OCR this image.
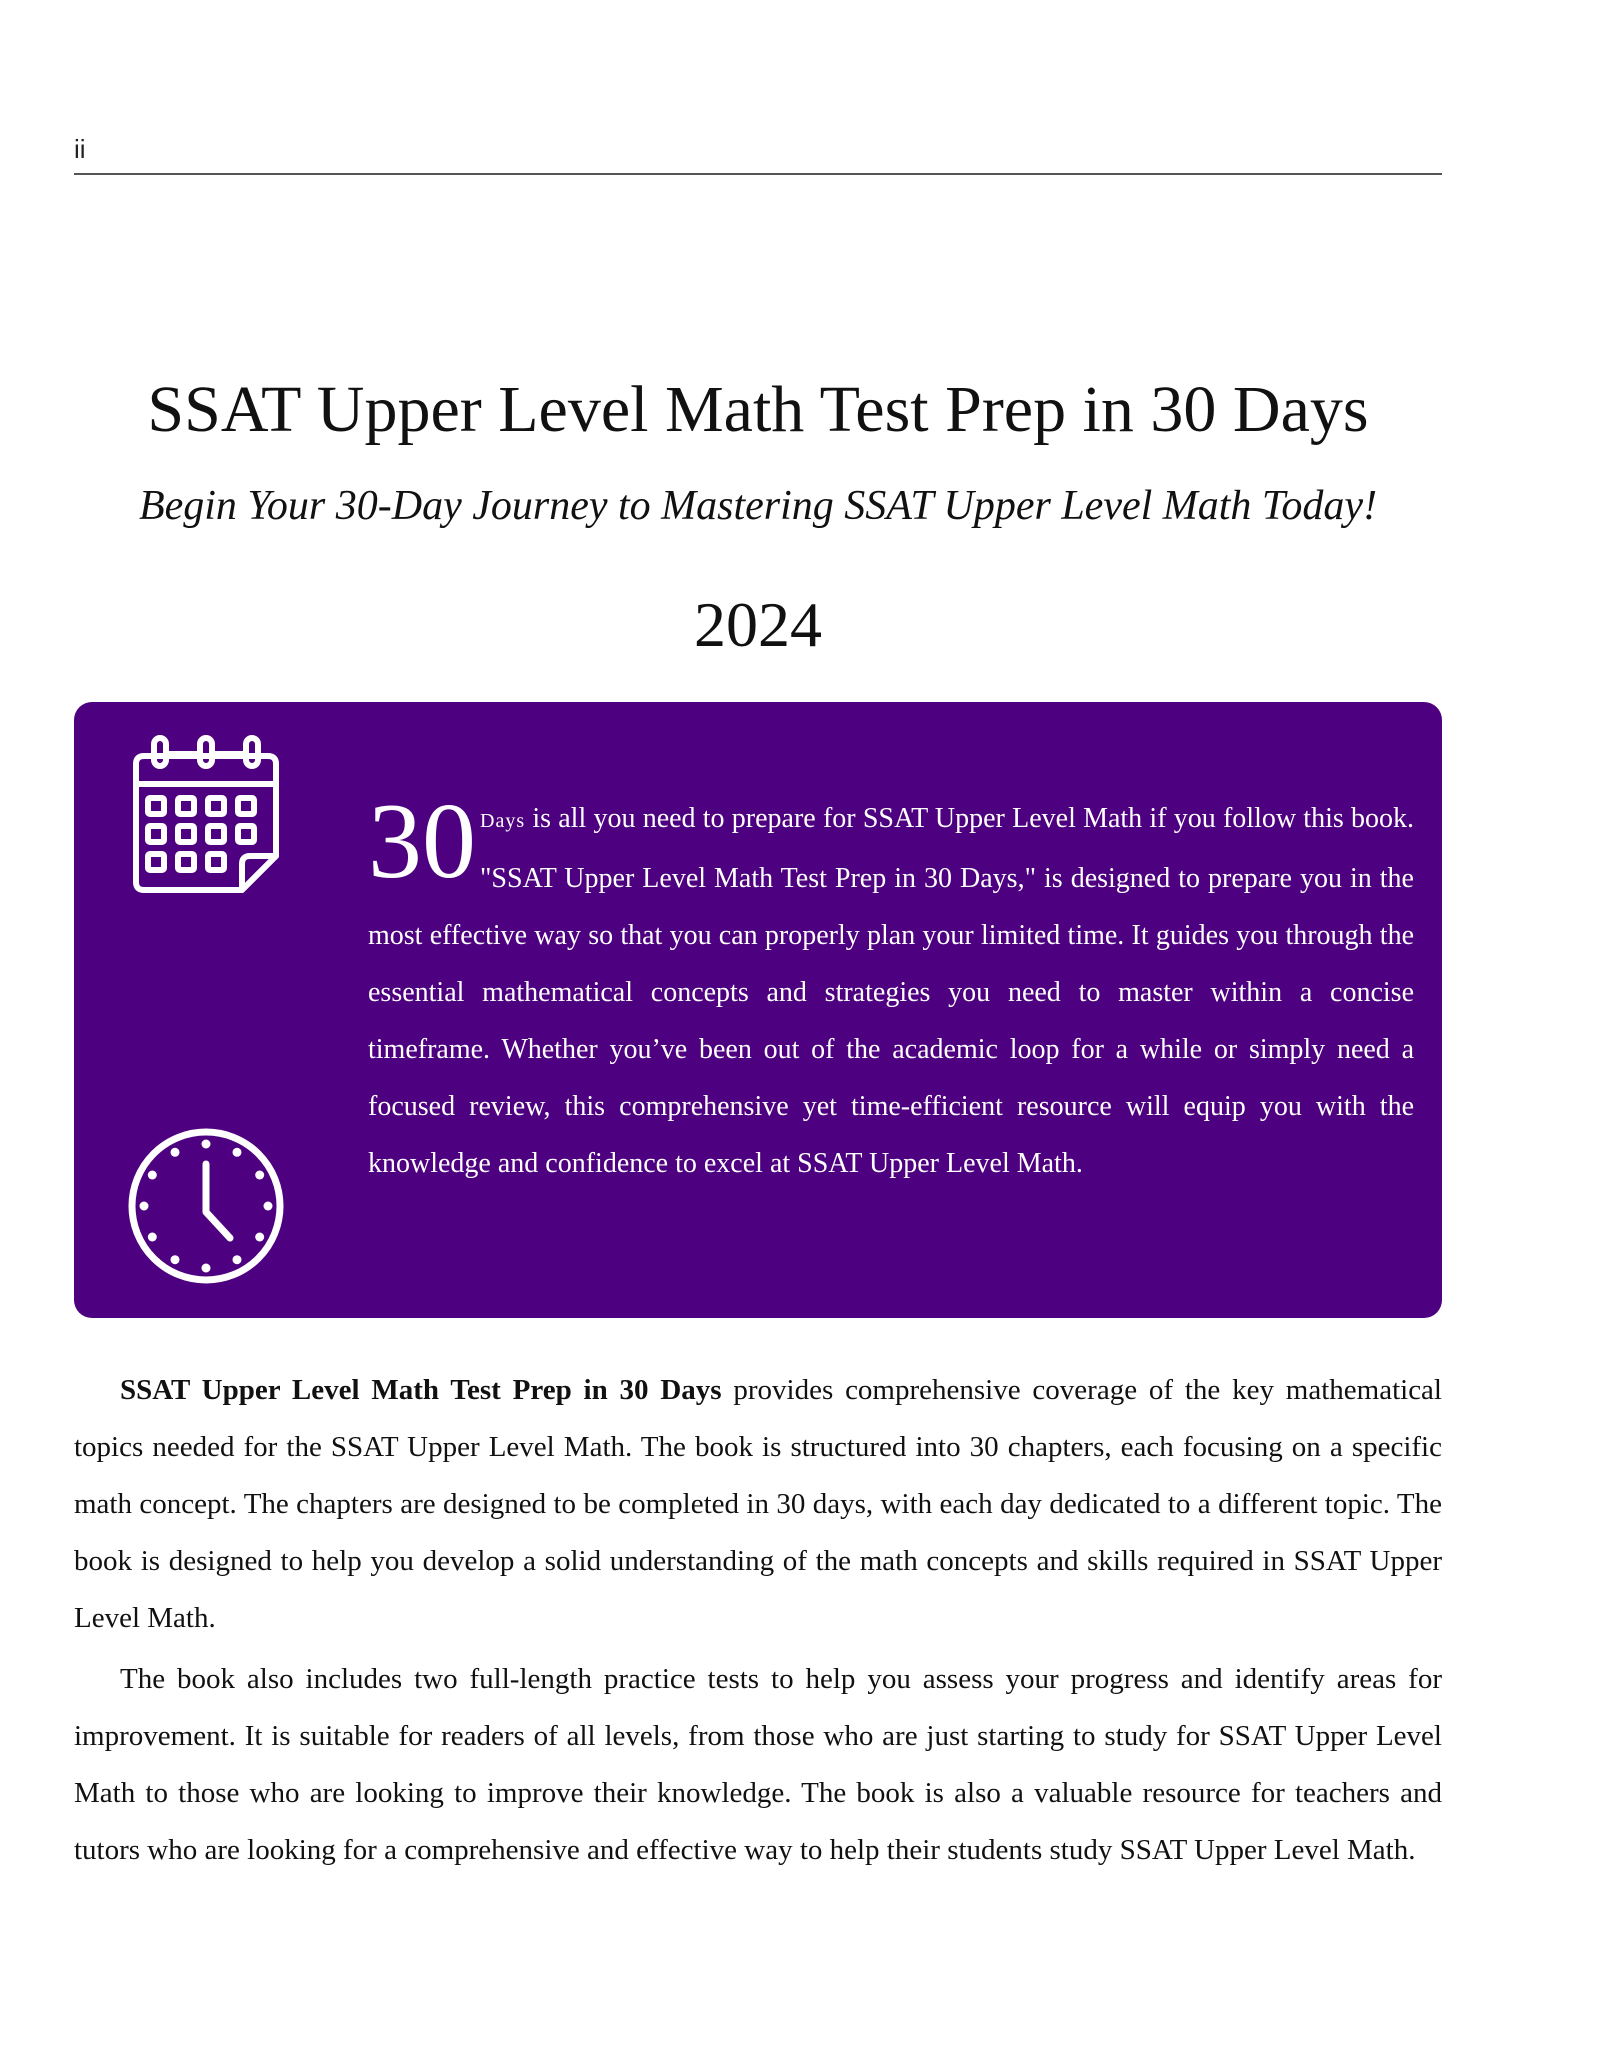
ii
SSAT Upper Level Math Test Prep in 30 Days
Begin Your 30-Day Journey to Mastering SSAT Upper Level Math Today!
2024
30 Days is all you need to prepare for SSAT Upper Level Math if you follow this book. "SSAT Upper Level Math Test Prep in 30 Days," is designed to prepare you in the most effective way so that you can properly plan your limited time. It guides you through the essential mathematical concepts and strategies you need to master within a concise timeframe. Whether you’ve been out of the academic loop for a while or simply need a focused review, this comprehensive yet time-efficient resource will equip you with the knowledge and confidence to excel at SSAT Upper Level Math.

SSAT Upper Level Math Test Prep in 30 Days provides comprehensive coverage of the key mathematical topics needed for the SSAT Upper Level Math. The book is structured into 30 chapters, each focusing on a specific math concept. The chapters are designed to be completed in 30 days, with each day dedicated to a different topic. The book is designed to help you develop a solid understanding of the math concepts and skills required in SSAT Upper Level Math.

The book also includes two full-length practice tests to help you assess your progress and identify areas for improvement. It is suitable for readers of all levels, from those who are just starting to study for SSAT Upper Level Math to those who are looking to improve their knowledge. The book is also a valuable resource for teachers and tutors who are looking for a comprehensive and effective way to help their students study SSAT Upper Level Math.
